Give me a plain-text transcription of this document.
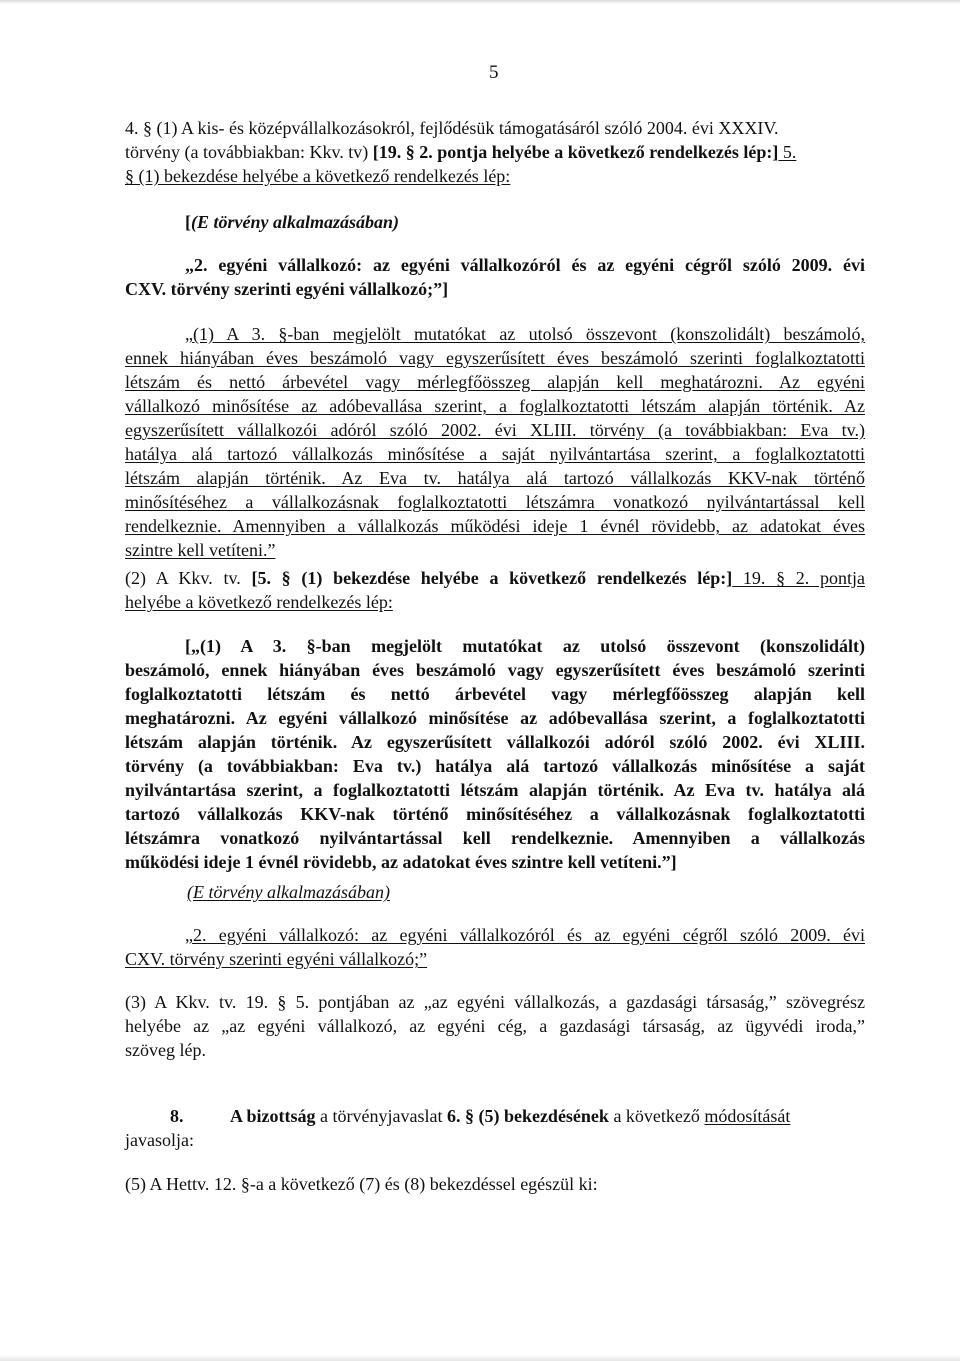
5
4. § (1) A kis- és középvállalkozásokról, fejlődésük támogatásáról szóló 2004. évi XXXIV.
törvény (a továbbiakban: Kkv. tv) [19. § 2. pontja helyébe a következő rendelkezés lép:] 5.
§ (1) bekezdése helyébe a következő rendelkezés lép:
[(E törvény alkalmazásában)
„2. egyéni vállalkozó: az egyéni vállalkozóról és az egyéni cégről szóló 2009. évi
CXV. törvény szerinti egyéni vállalkozó;”]
„(1) A 3. §-ban megjelölt mutatókat az utolsó összevont (konszolidált) beszámoló,
ennek hiányában éves beszámoló vagy egyszerűsített éves beszámoló szerinti foglalkoztatotti
létszám és nettó árbevétel vagy mérlegfőösszeg alapján kell meghatározni. Az egyéni
vállalkozó minősítése az adóbevallása szerint, a foglalkoztatotti létszám alapján történik. Az
egyszerűsített vállalkozói adóról szóló 2002. évi XLIII. törvény (a továbbiakban: Eva tv.)
hatálya alá tartozó vállalkozás minősítése a saját nyilvántartása szerint, a foglalkoztatotti
létszám alapján történik. Az Eva tv. hatálya alá tartozó vállalkozás KKV-nak történő
minősítéséhez a vállalkozásnak foglalkoztatotti létszámra vonatkozó nyilvántartással kell
rendelkeznie. Amennyiben a vállalkozás működési ideje 1 évnél rövidebb, az adatokat éves
szintre kell vetíteni.”
(2) A Kkv. tv. [5. § (1) bekezdése helyébe a következő rendelkezés lép:] 19. § 2. pontja
helyébe a következő rendelkezés lép:
[„(1) A 3. §-ban megjelölt mutatókat az utolsó összevont (konszolidált)
beszámoló, ennek hiányában éves beszámoló vagy egyszerűsített éves beszámoló szerinti
foglalkoztatotti létszám és nettó árbevétel vagy mérlegfőösszeg alapján kell
meghatározni. Az egyéni vállalkozó minősítése az adóbevallása szerint, a foglalkoztatotti
létszám alapján történik. Az egyszerűsített vállalkozói adóról szóló 2002. évi XLIII.
törvény (a továbbiakban: Eva tv.) hatálya alá tartozó vállalkozás minősítése a saját
nyilvántartása szerint, a foglalkoztatotti létszám alapján történik. Az Eva tv. hatálya alá
tartozó vállalkozás KKV-nak történő minősítéséhez a vállalkozásnak foglalkoztatotti
létszámra vonatkozó nyilvántartással kell rendelkeznie. Amennyiben a vállalkozás
működési ideje 1 évnél rövidebb, az adatokat éves szintre kell vetíteni.”]
(E törvény alkalmazásában)
„2. egyéni vállalkozó: az egyéni vállalkozóról és az egyéni cégről szóló 2009. évi
CXV. törvény szerinti egyéni vállalkozó;”
(3) A Kkv. tv. 19. § 5. pontjában az „az egyéni vállalkozás, a gazdasági társaság,” szövegrész
helyébe az „az egyéni vállalkozó, az egyéni cég, a gazdasági társaság, az ügyvédi iroda,”
szöveg lép.
8.	A bizottság a törvényjavaslat 6. § (5) bekezdésének a következő módosítását
javasolja:
(5) A Hettv. 12. §-a a következő (7) és (8) bekezdéssel egészül ki:
